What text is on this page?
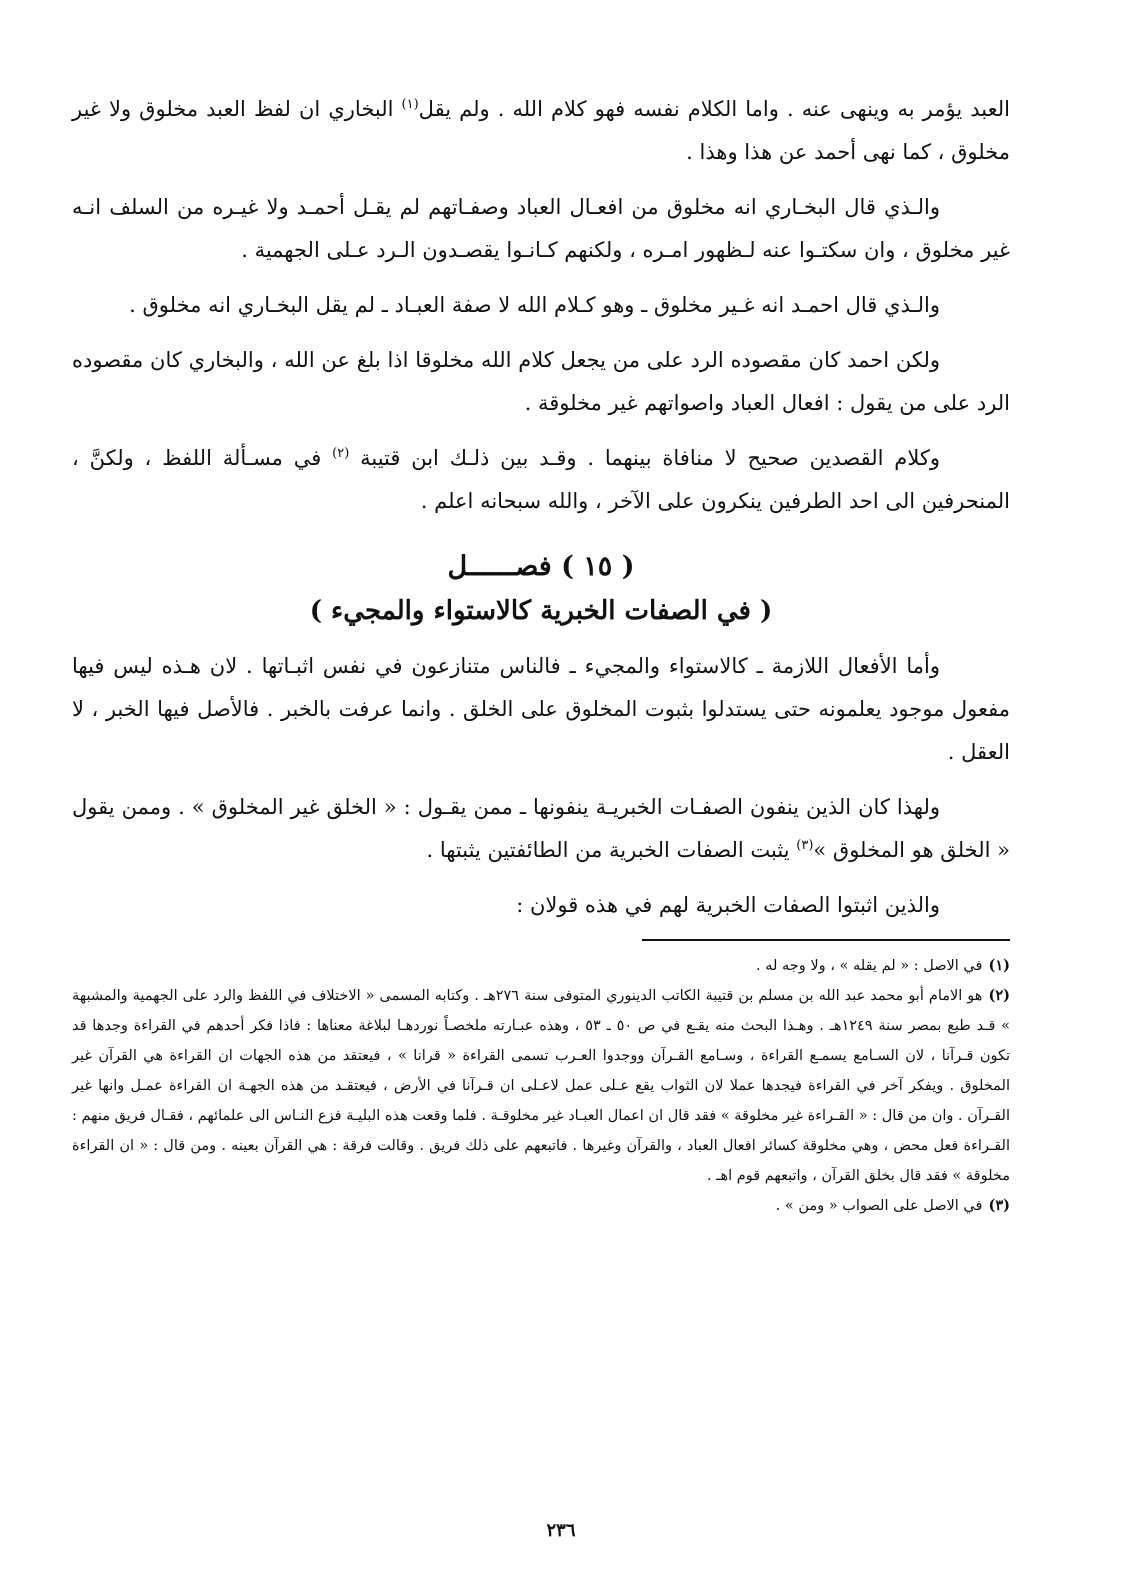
العبد يؤمر به وينهى عنه . واما الكلام نفسه فهو كلام الله . ولم يقل$^{(١)}$ البخاري ان لفظ العبد مخلوق ولا غير مخلوق ، كما نهى أحمد عن هذا وهذا .

والـذي قال البخـاري انه مخلوق من افعـال العباد وصفـاتهم لم يقـل أحمـد ولا غيـره من السلف انـه غير مخلوق ، وان سكتـوا عنه لـظهور امـره ، ولكنهم كـانـوا يقصـدون الـرد عـلى الجهمية .

والـذي قال احمـد انه غـير مخلوق ـ وهو كـلام الله لا صفة العبـاد ـ لم يقل البخـاري انه مخلوق .

ولكن احمد كان مقصوده الرد على من يجعل كلام الله مخلوقا اذا بلغ عن الله ، والبخاري كان مقصوده الرد على من يقول : افعال العباد واصواتهم غير مخلوقة .

وكلام القصدين صحيح لا منافاة بينهما . وقـد بين ذلـك ابن قتيبة $^{(٢)}$ في مسـألة اللفظ ، ولكنَّ ، المنحرفين الى احد الطرفين ينكرون على الآخر ، والله سبحانه اعلم .

( ١٥ ) فصــــــل
( في الصفات الخبرية كالاستواء والمجيء )

وأما الأفعال اللازمة ـ كالاستواء والمجيء ـ فالناس متنازعون في نفس اثبـاتها . لان هـذه ليس فيها مفعول موجود يعلمونه حتى يستدلوا بثبوت المخلوق على الخلق . وانما عرفت بالخبر . فالأصل فيها الخبر ، لا العقل .

ولهذا كان الذين ينفون الصفـات الخبريـة ينفونها ـ ممن يقـول : « الخلق غير المخلوق » . وممن يقول « الخلق هو المخلوق »$^{(٣)}$ يثبت الصفات الخبرية من الطائفتين يثبتها .

والذين اثبتوا الصفات الخبرية لهم في هذه قولان :

(١)في الاصل : « لم يقله » ، ولا وجه له .

(٢)هو الامام أبو محمد عبد الله بن مسلم بن قتيبة الكاتب الدينوري المتوفى سنة ٢٧٦هـ . وكتابه المسمى « الاختلاف في اللفظ والرد على الجهمية والمشبهة » قـد طبع بمصر سنة ١٢٤٩هـ . وهـذا البحث منه يقـع في ص ٥٠ ـ ٥٣ ، وهذه عبـارته ملخصـاً نوردهـا لبلاغة معناها : فاذا فكر أحدهم في القراءة وجدها قد تكون قـرآنا ، لان السـامع يسمـع القراءة ، وسـامع القـرآن ووجدوا العـرب تسمى القراءة « قرانا » ، فيعتقد من هذه الجهات ان القراءة هي القرآن غير المخلوق . ويفكر آخر في القراءة فيجدها عملا لان الثواب يقع عـلى عمل لاعـلى ان قـرآنا في الأرض ، فيعتقـد من هذه الجهـة ان القراءة عمـل وانها غير القـرآن . وان من قال : « القـراءة غير مخلوقة » فقد قال ان اعمال العبـاد غير مخلوقـة . فلما وقعت هذه البليـة فزع النـاس الى علمائهم ، فقـال فريق منهم : القـراءة فعل محض ، وهي مخلوقة كسائر افعال العباد ، والقرآن وغيرها . فاتبعهم على ذلك فريق . وقالت فرقة : هي القرآن بعينه . ومن قال : « ان القراءة مخلوقة » فقد قال بخلق القرآن ، واتبعهم قوم اهـ .

(٣)في الاصل على الصواب « ومن » .

٢٣٦
